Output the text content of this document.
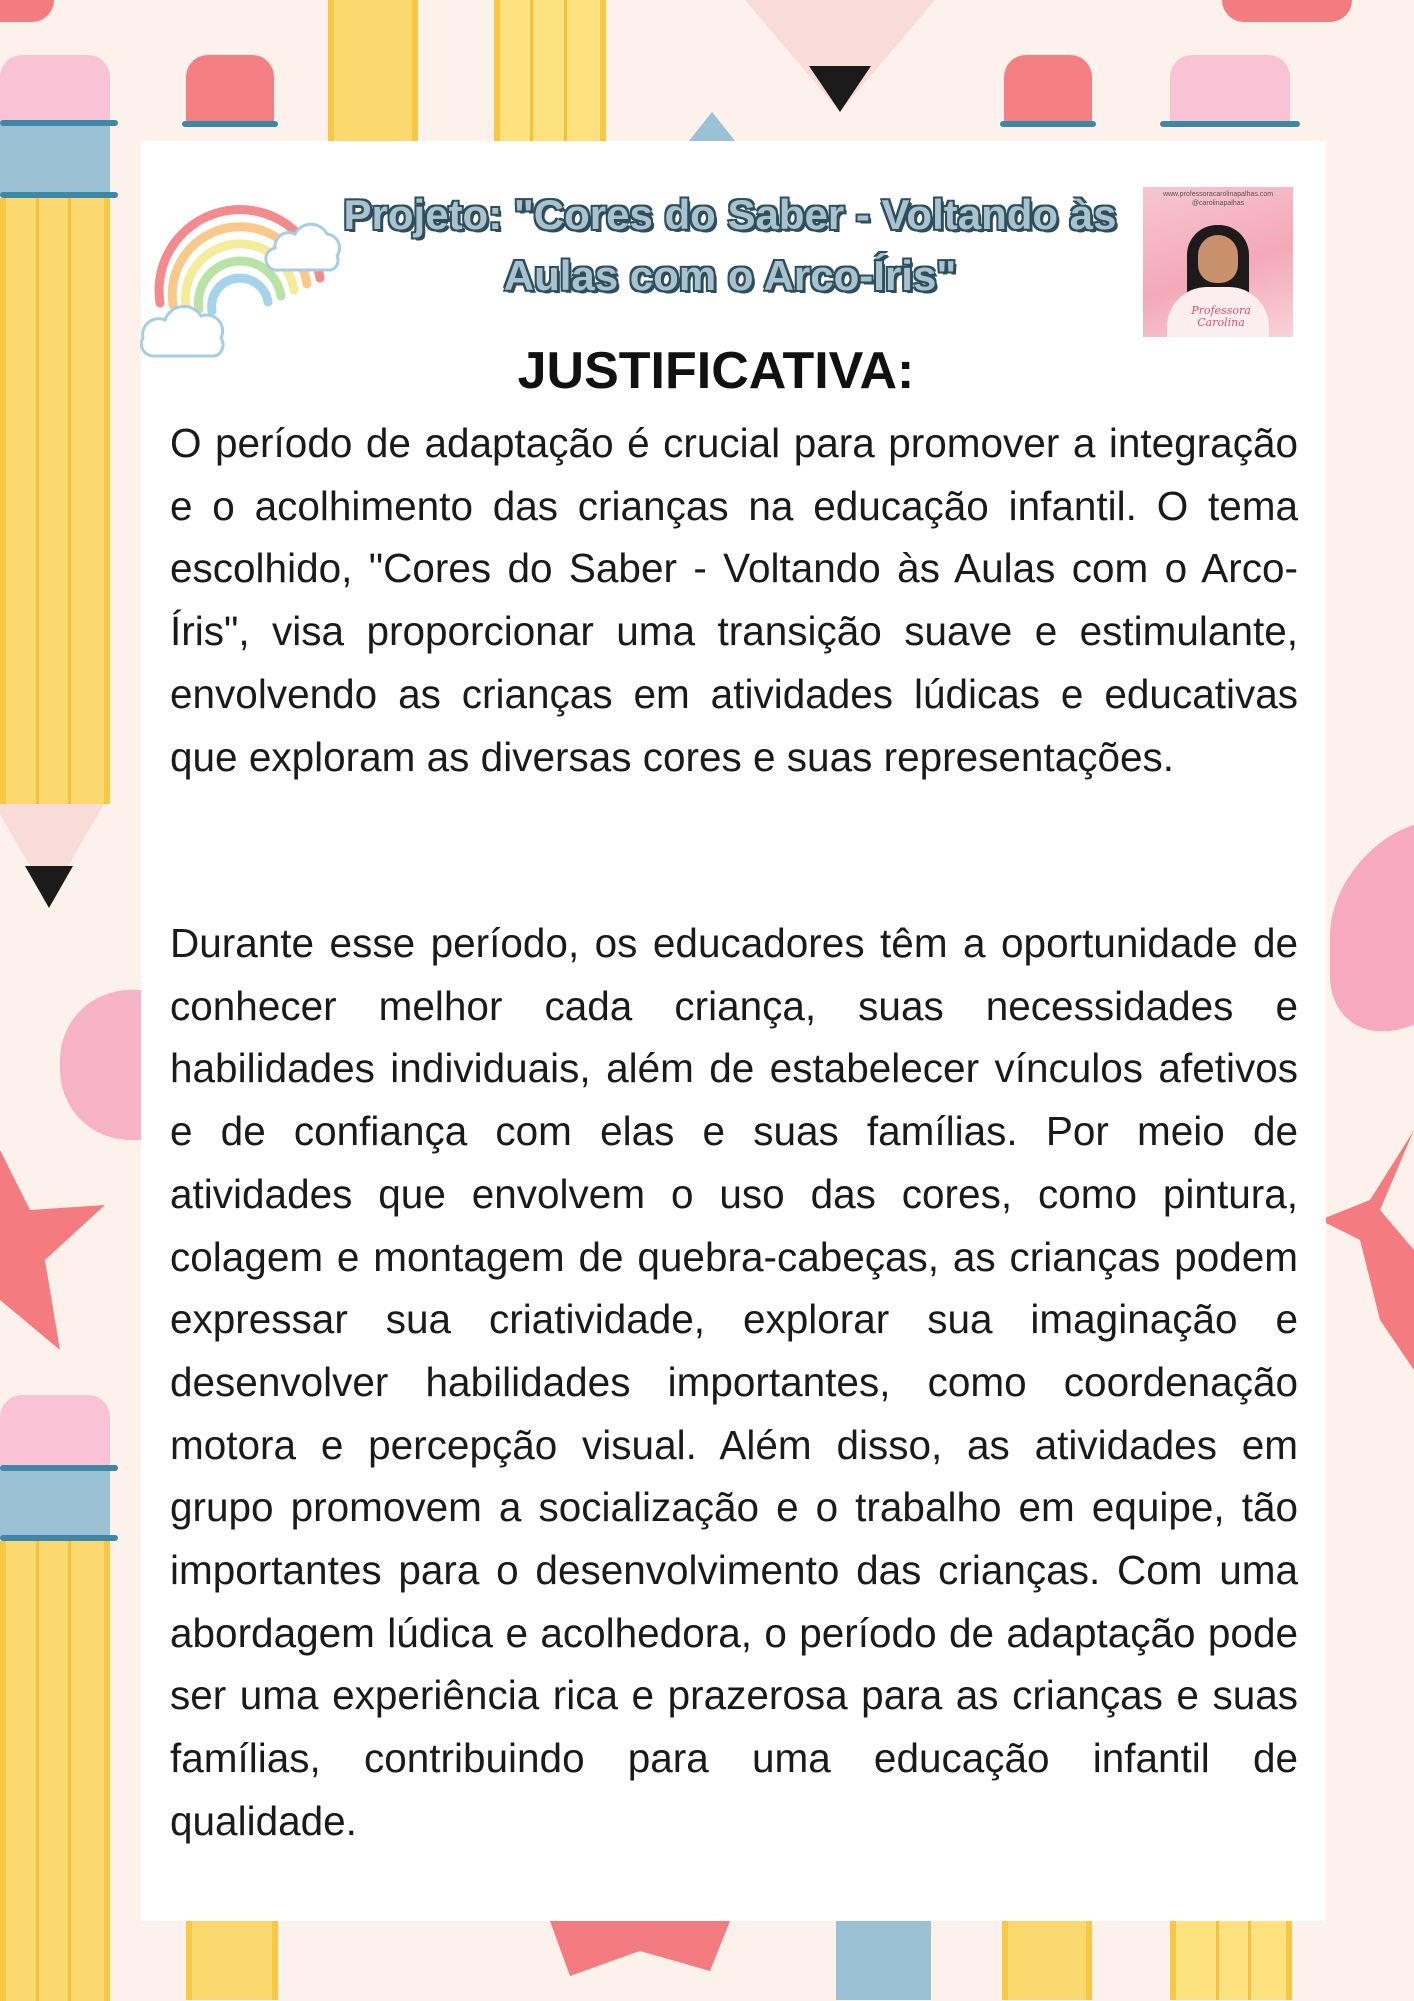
Projeto: "Cores do Saber - Voltando às Aulas com o Arco-Íris"
www.professoracarolinapalhas.com
@carolinapalhas
Professora Carolina
JUSTIFICATIVA:

O período de adaptação é crucial para promover a integração e o acolhimento das crianças na educação infantil. O tema escolhido, "Cores do Saber - Voltando às Aulas com o Arco-Íris", visa proporcionar uma transição suave e estimulante, envolvendo as crianças em atividades lúdicas e educativas que exploram as diversas cores e suas representações.

Durante esse período, os educadores têm a oportunidade de conhecer melhor cada criança, suas necessidades e habilidades individuais, além de estabelecer vínculos afetivos e de confiança com elas e suas famílias. Por meio de atividades que envolvem o uso das cores, como pintura, colagem e montagem de quebra-cabeças, as crianças podem expressar sua criatividade, explorar sua imaginação e desenvolver habilidades importantes, como coordenação motora e percepção visual. Além disso, as atividades em grupo promovem a socialização e o trabalho em equipe, tão importantes para o desenvolvimento das crianças. Com uma abordagem lúdica e acolhedora, o período de adaptação pode ser uma experiência rica e prazerosa para as crianças e suas famílias, contribuindo para uma educação infantil de qualidade.
